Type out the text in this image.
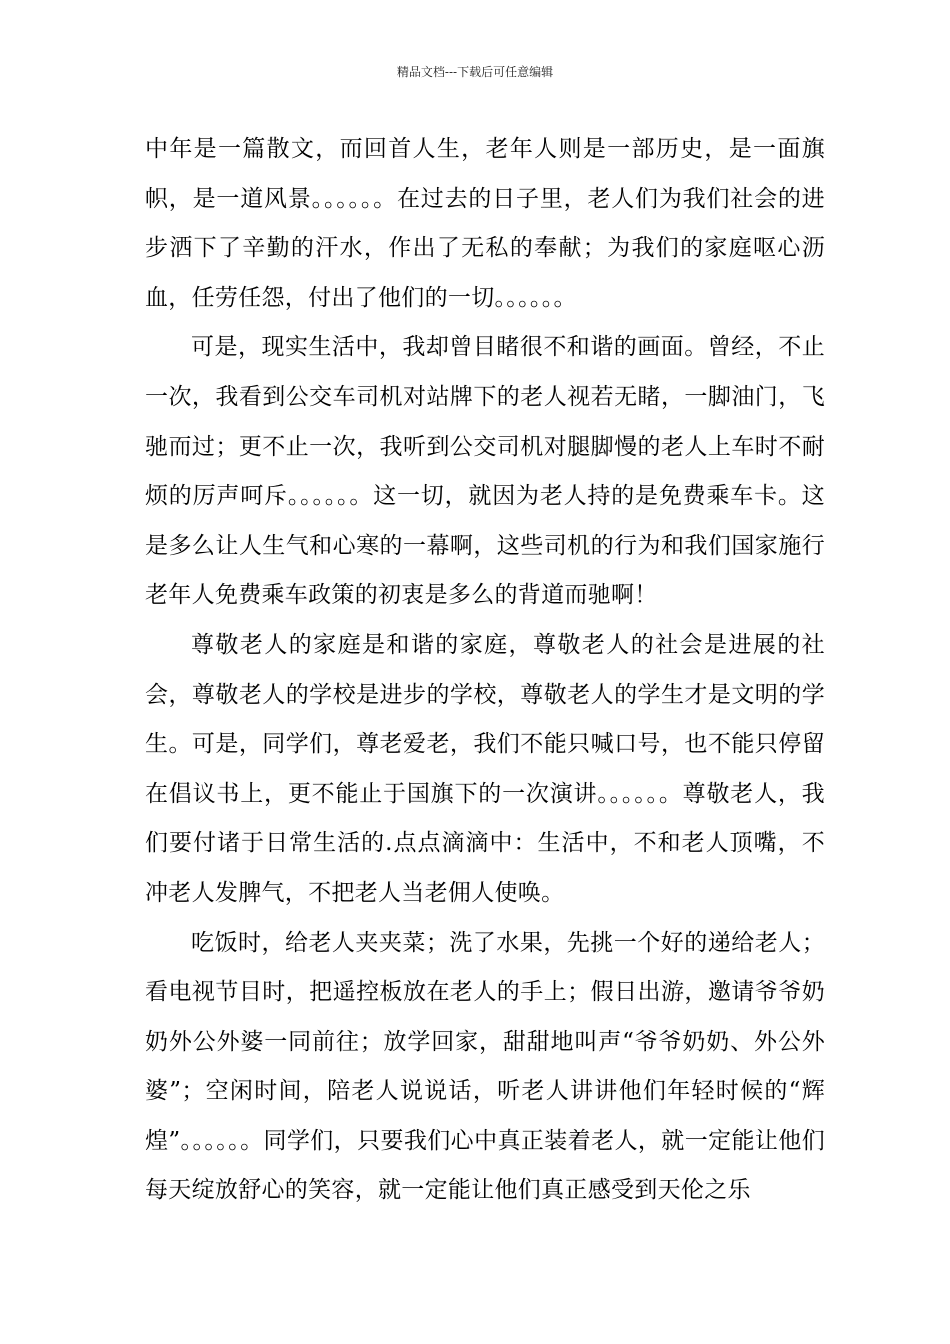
精品文档---下载后可任意编辑

中年是一篇散文，而回首人生，老年人则是一部历史，是一面旗帜，是一道风景。。。。。。在过去的日子里，老人们为我们社会的进步洒下了辛勤的汗水，作出了无私的奉献；为我们的家庭呕心沥血，任劳任怨，付出了他们的一切。。。。。。

可是，现实生活中，我却曾目睹很不和谐的画面。曾经，不止一次，我看到公交车司机对站牌下的老人视若无睹，一脚油门，飞驰而过；更不止一次，我听到公交司机对腿脚慢的老人上车时不耐烦的厉声呵斥。。。。。。这一切，就因为老人持的是免费乘车卡。这是多么让人生气和心寒的一幕啊，这些司机的行为和我们国家施行老年人免费乘车政策的初衷是多么的背道而驰啊！

尊敬老人的家庭是和谐的家庭，尊敬老人的社会是进展的社会，尊敬老人的学校是进步的学校，尊敬老人的学生才是文明的学生。可是，同学们，尊老爱老，我们不能只喊口号，也不能只停留在倡议书上，更不能止于国旗下的一次演讲。。。。。。尊敬老人，我们要付诸于日常生活的.点点滴滴中：生活中，不和老人顶嘴，不冲老人发脾气，不把老人当老佣人使唤。

吃饭时，给老人夹夹菜；洗了水果，先挑一个好的递给老人；看电视节目时，把遥控板放在老人的手上；假日出游，邀请爷爷奶奶外公外婆一同前往；放学回家，甜甜地叫声“爷爷奶奶、外公外婆”；空闲时间，陪老人说说话，听老人讲讲他们年轻时候的“辉煌”。。。。。。同学们，只要我们心中真正装着老人，就一定能让他们每天绽放舒心的笑容，就一定能让他们真正感受到天伦之乐
